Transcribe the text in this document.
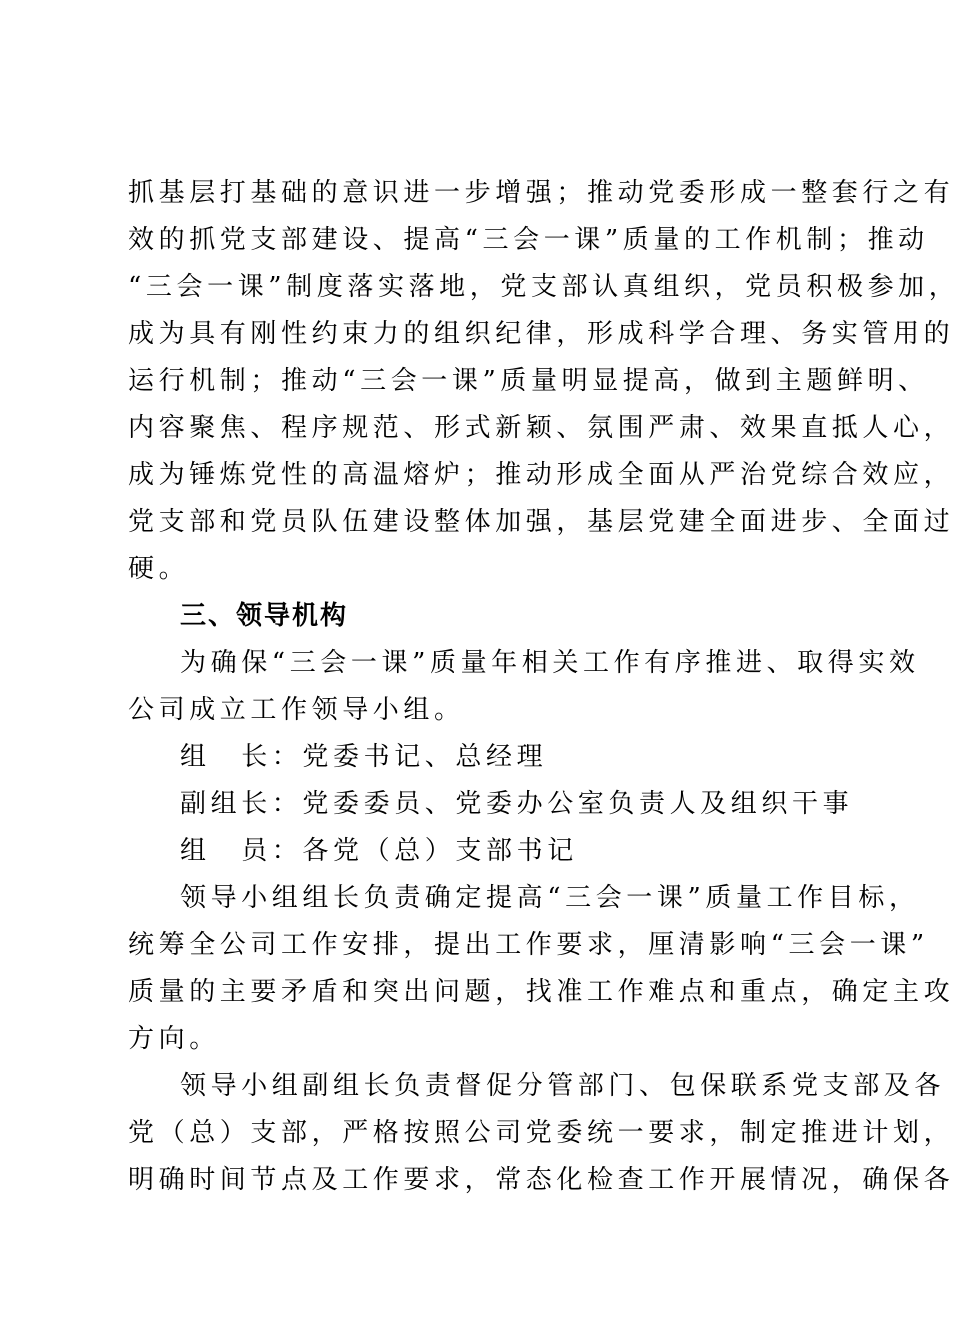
抓基层打基础的意识进一步增强；推动党委形成一整套行之有
效的抓党支部建设、提高“三会一课”质量的工作机制；推动
“三会一课”制度落实落地，党支部认真组织，党员积极参加，
成为具有刚性约束力的组织纪律，形成科学合理、务实管用的
运行机制；推动“三会一课”质量明显提高，做到主题鲜明、
内容聚焦、程序规范、形式新颖、氛围严肃、效果直抵人心，
成为锤炼党性的高温熔炉；推动形成全面从严治党综合效应，
党支部和党员队伍建设整体加强，基层党建全面进步、全面过
硬。
三、领导机构
为确保“三会一课”质量年相关工作有序推进、取得实效
公司成立工作领导小组。
组　长：党委书记、总经理
副组长：党委委员、党委办公室负责人及组织干事
组　员：各党（总）支部书记
领导小组组长负责确定提高“三会一课”质量工作目标，
统筹全公司工作安排，提出工作要求，厘清影响“三会一课”
质量的主要矛盾和突出问题，找准工作难点和重点，确定主攻
方向。
领导小组副组长负责督促分管部门、包保联系党支部及各
党（总）支部，严格按照公司党委统一要求，制定推进计划，
明确时间节点及工作要求，常态化检查工作开展情况，确保各
